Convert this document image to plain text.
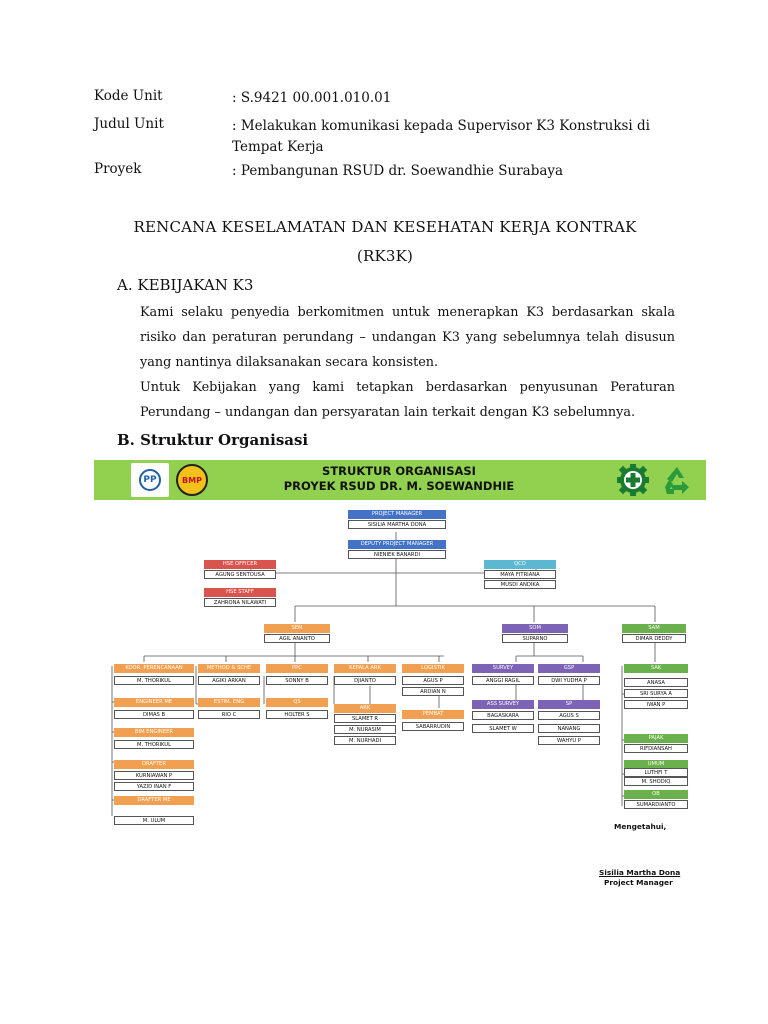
Kode Unit	: S.9421 00.001.010.01
Judul Unit	: Melakukan komunikasi kepada Supervisor K3 Konstruksi di Tempat Kerja
Proyek	: Pembangunan RSUD dr. Soewandhie Surabaya
RENCANA KESELAMATAN DAN KESEHATAN KERJA KONTRAK
(RK3K)
A. KEBIJAKAN K3

Kami selaku penyedia berkomitmen untuk menerapkan K3 berdasarkan skala risiko dan peraturan perundang – undangan K3 yang sebelumnya telah disusun yang nantinya dilaksanakan secara konsisten.

Untuk Kebijakan yang kami tetapkan berdasarkan penyusunan Peraturan Perundang – undangan dan persyaratan lain terkait dengan K3 sebelumnya.

B. Struktur Organisasi
PP	BMP
STRUKTUR ORGANISASI
PROYEK RSUD DR. M. SOEWANDHIE
PROJECT MANAGER
SISILIA MARTHA DONA
DEPUTY PROJECT MANAGER
NIENIEK BANARDI
HSE OFFICER
AGUNG SENTOUSA
HSE STAFF
ZAHRONA NILAWATI
QCO
MAYA FITRIANA
MUSDI ANDIKA
SEM
AGIL ANANTO
SOM
SUPARNO
SAM
DIMAR DEDDY
KOOR. PERENCANAAN
M. THORIKUL
ENGINEER ME
DIMAS B
BIM ENGINEER
M. THORIKUL
DRAFTER
KURNIAWAN P
YAZID INAN F
DRAFTER ME
M. ULUM
METHOD & SCHE
AGIKI ARKAN
ESTIM. ENG
RIO C
PPC
SONNY B
QS
HOLTER S
KEPALA ARK
DJIANTO
ARK
SLAMET R
M. NURASIM
M. NURHADI
LOGISTIK
AGUS P
ARDIAN N
PEMBAT
SABARRUDIN
SURVEY
ANGGI RAGIL
ASS SURVEY
BAGASKARA
SLAMET W
GSP
DWI YUDHA P
SP
AGUS S
NANANG
WAHYU P
SAK
ANASA
SRI SURYA A
IWAN P
PAJAK
RIFDIANSAH
UMUM
LUTHFI T
M. SHODIQ
OB
SUMARDIANTO
Mengetahui,
Sisilia Martha Dona
Project Manager
